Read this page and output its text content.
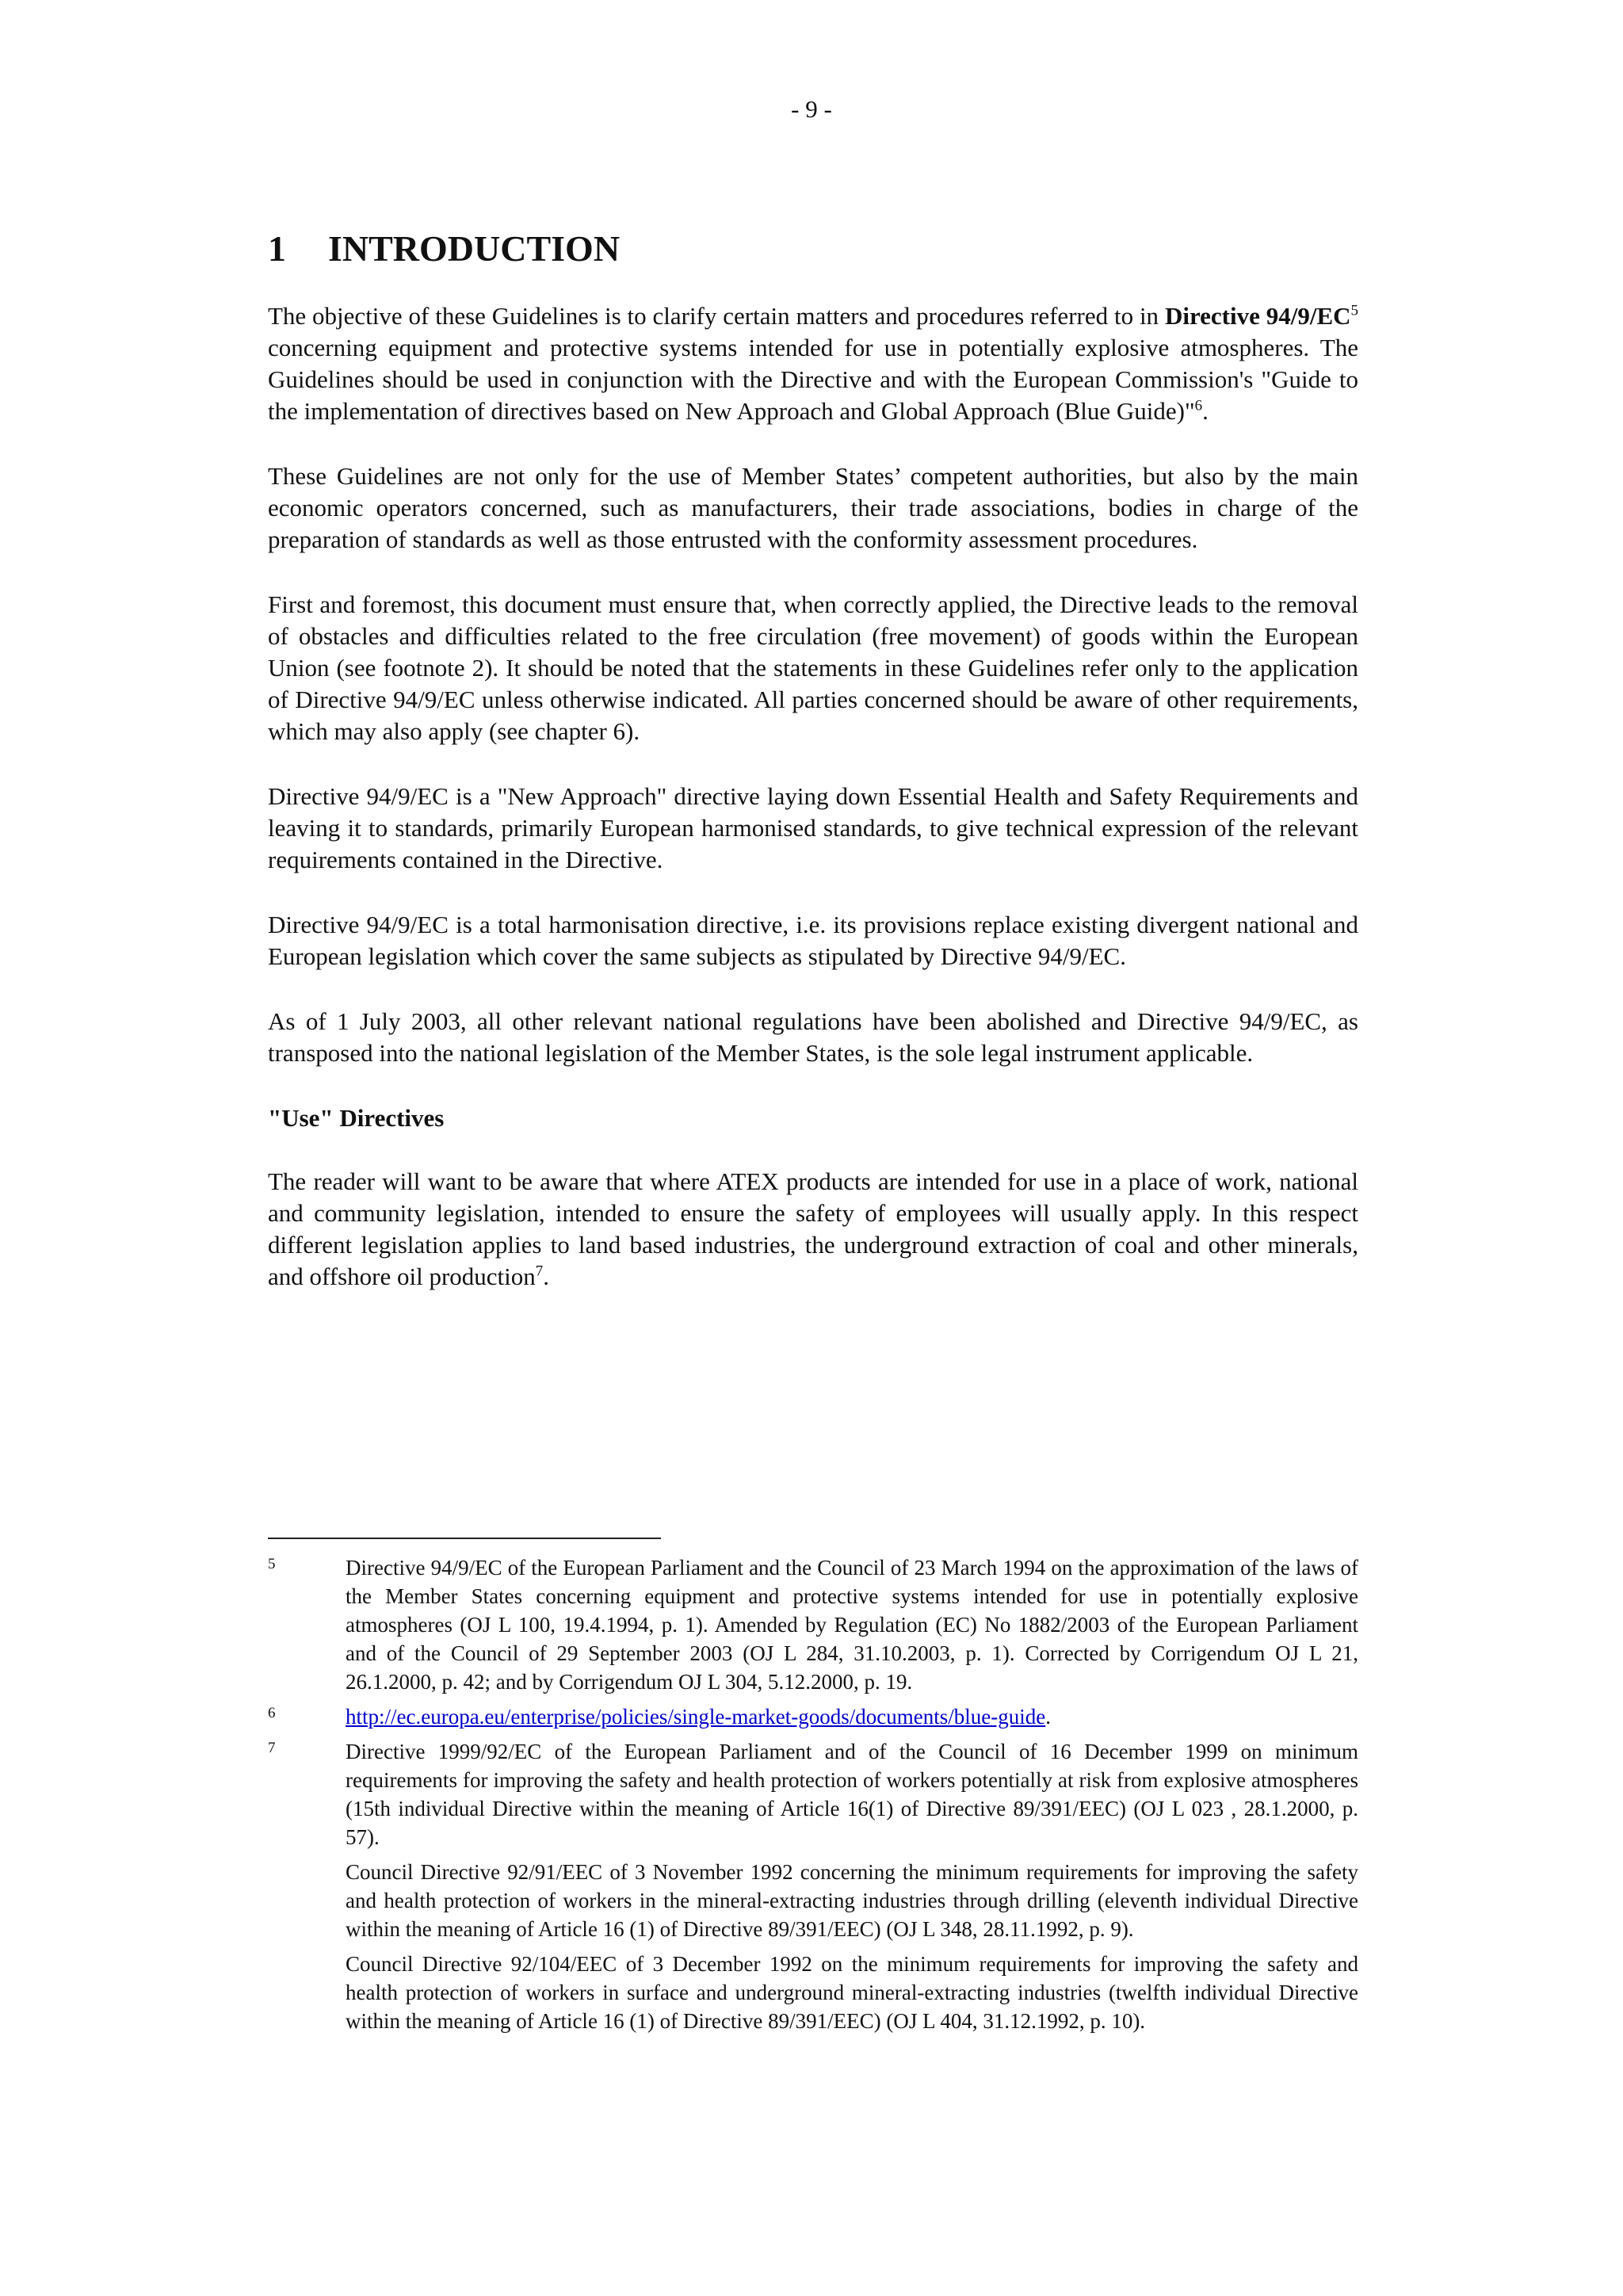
- 9 -
1 INTRODUCTION

The objective of these Guidelines is to clarify certain matters and procedures referred to in Directive $94/9/EC^5$ concerning equipment and protective systems intended for use in potentially explosive atmospheres. The Guidelines should be used in conjunction with the Directive and with the European Commission's "Guide to the implementation of directives based on New Approach and Global Approach (Blue Guide)"$^6$.

These Guidelines are not only for the use of Member States’ competent authorities, but also by the main economic operators concerned, such as manufacturers, their trade associations, bodies in charge of the preparation of standards as well as those entrusted with the conformity assessment procedures.

First and foremost, this document must ensure that, when correctly applied, the Directive leads to the removal of obstacles and difficulties related to the free circulation (free movement) of goods within the European Union (see footnote 2). It should be noted that the statements in these Guidelines refer only to the application of Directive 94/9/EC unless otherwise indicated. All parties concerned should be aware of other requirements, which may also apply (see chapter 6).

Directive 94/9/EC is a "New Approach" directive laying down Essential Health and Safety Requirements and leaving it to standards, primarily European harmonised standards, to give technical expression of the relevant requirements contained in the Directive.

Directive 94/9/EC is a total harmonisation directive, i.e. its provisions replace existing divergent national and European legislation which cover the same subjects as stipulated by Directive 94/9/EC.

As of 1 July 2003, all other relevant national regulations have been abolished and Directive 94/9/EC, as transposed into the national legislation of the Member States, is the sole legal instrument applicable.

"Use" Directives

The reader will want to be aware that where ATEX products are intended for use in a place of work, national and community legislation, intended to ensure the safety of employees will usually apply. In this respect different legislation applies to land based industries, the underground extraction of coal and other minerals, and offshore oil production$^7$.

5	Directive 94/9/EC of the European Parliament and the Council of 23 March 1994 on the approximation of the laws of the Member States concerning equipment and protective systems intended for use in potentially explosive atmospheres (OJ L 100, 19.4.1994, p. 1). Amended by Regulation (EC) No 1882/2003 of the European Parliament and of the Council of 29 September 2003 (OJ L 284, 31.10.2003, p. 1). Corrected by Corrigendum OJ L 21, 26.1.2000, p. 42; and by Corrigendum OJ L 304, 5.12.2000, p. 19.

6	http://ec.europa.eu/enterprise/policies/single-market-goods/documents/blue-guide.

7	Directive 1999/92/EC of the European Parliament and of the Council of 16 December 1999 on minimum requirements for improving the safety and health protection of workers potentially at risk from explosive atmospheres (15th individual Directive within the meaning of Article 16(1) of Directive 89/391/EEC) (OJ L 023 , 28.1.2000, p. 57).

Council Directive 92/91/EEC of 3 November 1992 concerning the minimum requirements for improving the safety and health protection of workers in the mineral-extracting industries through drilling (eleventh individual Directive within the meaning of Article 16 (1) of Directive 89/391/EEC) (OJ L 348, 28.11.1992, p. 9).

Council Directive 92/104/EEC of 3 December 1992 on the minimum requirements for improving the safety and health protection of workers in surface and underground mineral-extracting industries (twelfth individual Directive within the meaning of Article 16 (1) of Directive 89/391/EEC) (OJ L 404, 31.12.1992, p. 10).
